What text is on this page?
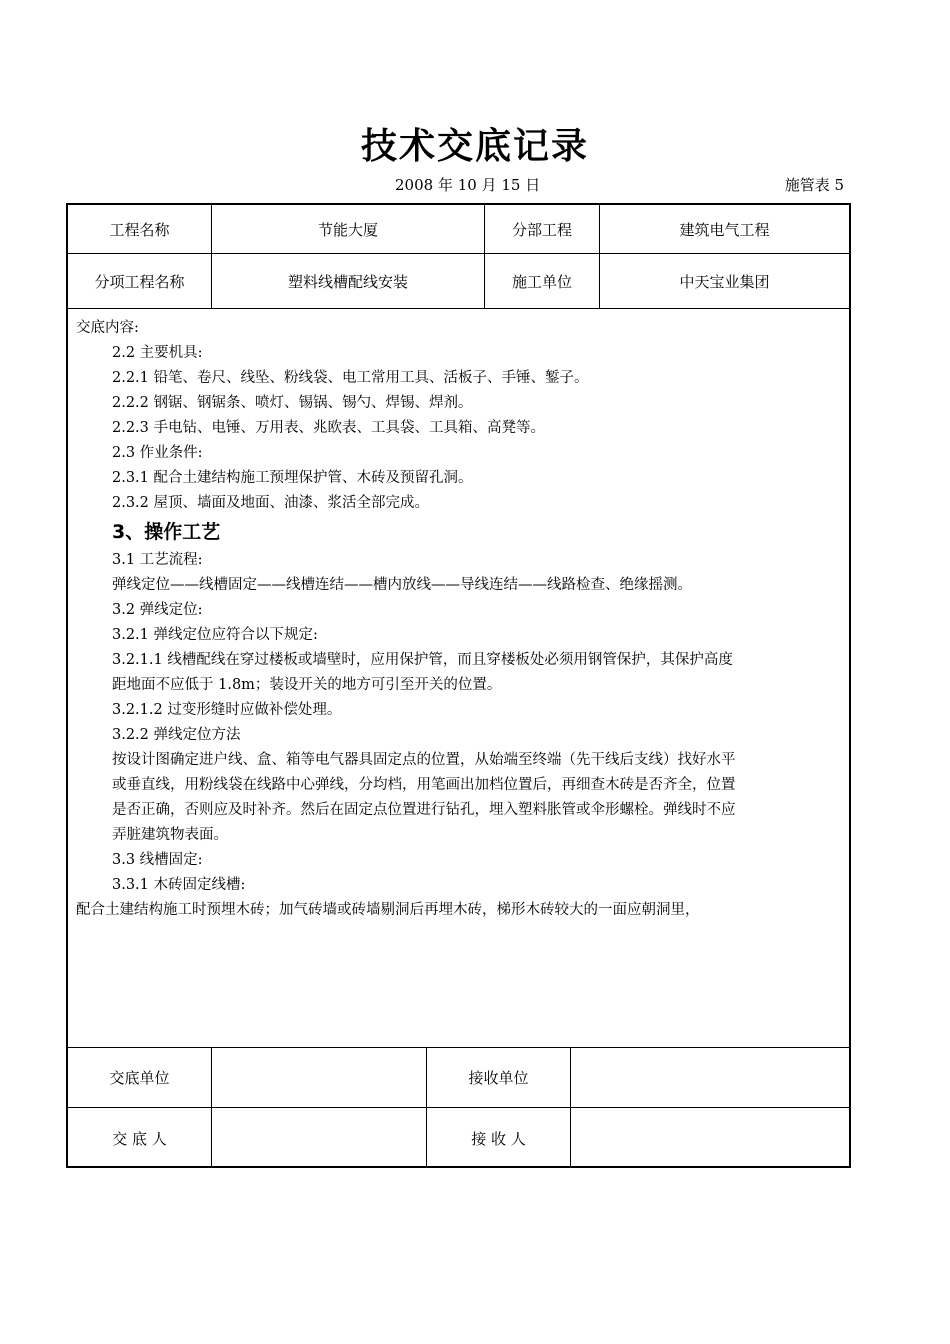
技术交底记录
2008 年 10 月 15 日	施管表 5
工程名称	节能大厦	分部工程	建筑电气工程
分项工程名称	塑料线槽配线安装	施工单位	中天宝业集团
交底单位	接收单位
交 底 人	接 收 人
交底内容:
2.2 主要机具:
2.2.1 铅笔、卷尺、线坠、粉线袋、电工常用工具、活板子、手锤、錾子。
2.2.2 钢锯、钢锯条、喷灯、锡锅、锡勺、焊锡、焊剂。
2.2.3 手电钻、电锤、万用表、兆欧表、工具袋、工具箱、高凳等。
2.3 作业条件:
2.3.1 配合土建结构施工预埋保护管、木砖及预留孔洞。
2.3.2 屋顶、墙面及地面、油漆、浆活全部完成。
3、操作工艺
3.1 工艺流程:
弹线定位——线槽固定——线槽连结——槽内放线——导线连结——线路检查、绝缘摇测。
3.2 弹线定位:
3.2.1 弹线定位应符合以下规定:
3.2.1.1 线槽配线在穿过楼板或墙壁时，应用保护管，而且穿楼板处必须用钢管保护，其保护高度
距地面不应低于 1.8m；装设开关的地方可引至开关的位置。
3.2.1.2 过变形缝时应做补偿处理。
3.2.2 弹线定位方法
按设计图确定进户线、盒、箱等电气器具固定点的位置，从始端至终端（先干线后支线）找好水平
或垂直线，用粉线袋在线路中心弹线，分均档，用笔画出加档位置后，再细查木砖是否齐全，位置
是否正确，否则应及时补齐。然后在固定点位置进行钻孔，埋入塑料胀管或伞形螺栓。弹线时不应
弄脏建筑物表面。
3.3 线槽固定:
3.3.1 木砖固定线槽:
配合土建结构施工时预埋木砖；加气砖墙或砖墙剔洞后再埋木砖，梯形木砖较大的一面应朝洞里，
